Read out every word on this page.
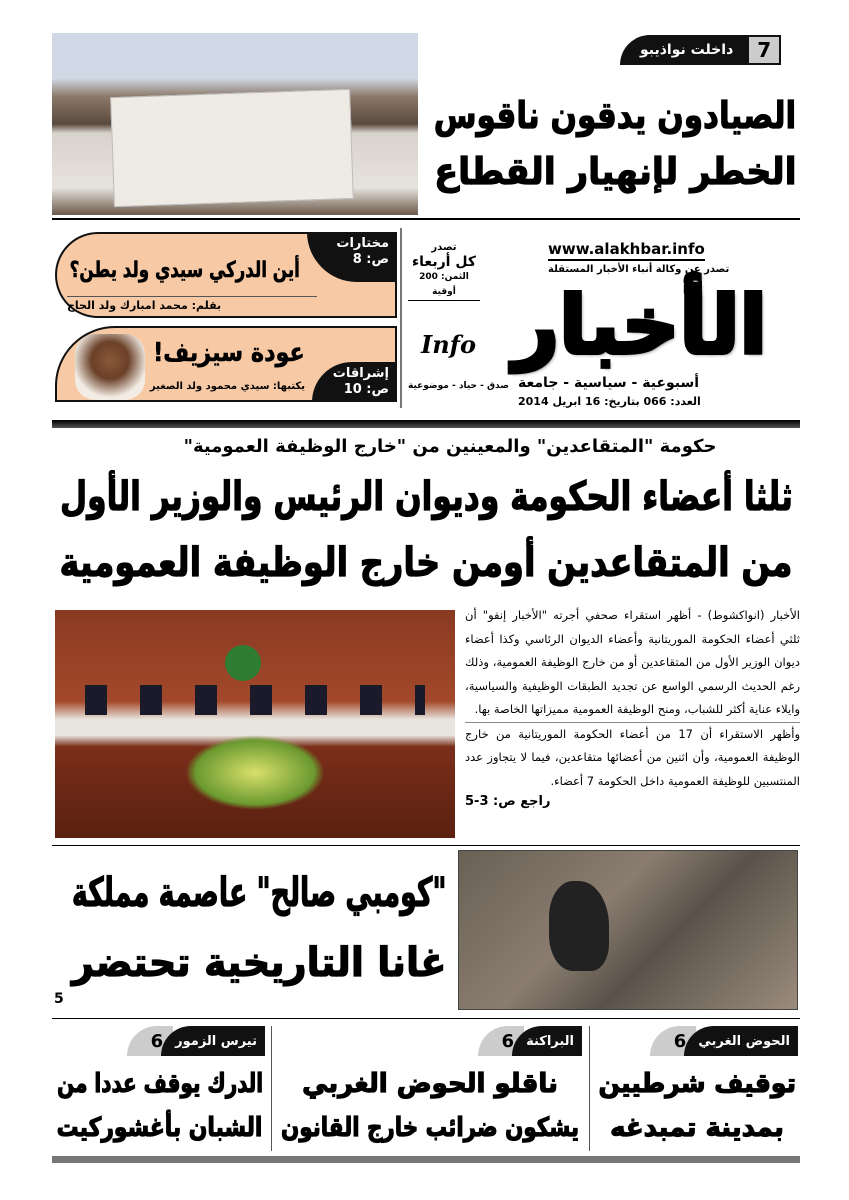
7
داخلت نواذيبو
الصيادون يدقون ناقوس
الخطر لإنهيار القطاع
مختارات
ص: 8
أين الدركي سيدي ولد يطن؟
بقلم: محمد امبارك ولد الحاج
إشراقات
ص: 10
عودة سيزيف!
يكتبها: سيدي محمود ولد الصغير
www.alakhbar.info
تصدر عن وكالة أنباء الأخبار المستقلة
الأخبار
Info
صدق - حياد - موضوعية أسبوعية - سياسية - جامعة
العدد: 066 بتاريخ: 16 ابريل 2014
تصدر
كل أربعاء
الثمن: 200 أوقية
حكومة "المتقاعدين" والمعينين من "خارج الوظيفة العمومية"
ثلثا أعضاء الحكومة وديوان الرئيس والوزير الأول
من المتقاعدين أومن خارج الوظيفة العمومية

الأخبار (انواكشوط) - أظهر استقراء صحفي أجرته "الأخبار إنفو" أن ثلثي أعضاء الحكومة الموريتانية وأعضاء الديوان الرئاسي وكذا أعضاء ديوان الوزير الأول من المتقاعدين أو من خارج الوظيفة العمومية، وذلك رغم الحديث الرسمي الواسع عن تجديد الطبقات الوظيفية والسياسية، وايلاء عناية أكثر للشباب، ومنح الوظيفة العمومية مميزاتها الخاصة بها.

وأظهر الاستقراء أن 17 من أعضاء الحكومة الموريتانية من خارج الوظيفة العمومية، وأن اثنين من أعضائها متقاعدين، فيما لا يتجاوز عدد المنتسبين للوظيفة العمومية داخل الحكومة 7 أعضاء.

راجع ص: 3-5
"كومبي صالح" عاصمة مملكة
غانا التاريخية تحتضر
5
الحوض الغربي
6
توقيف شرطيين
بمدينة تمبدغه
البراكنة
6
ناقلو الحوض الغربي
يشكون ضرائب خارج القانون
تيرس الزمور
6
الدرك يوقف عددا من
الشبان بأغشوركيت
